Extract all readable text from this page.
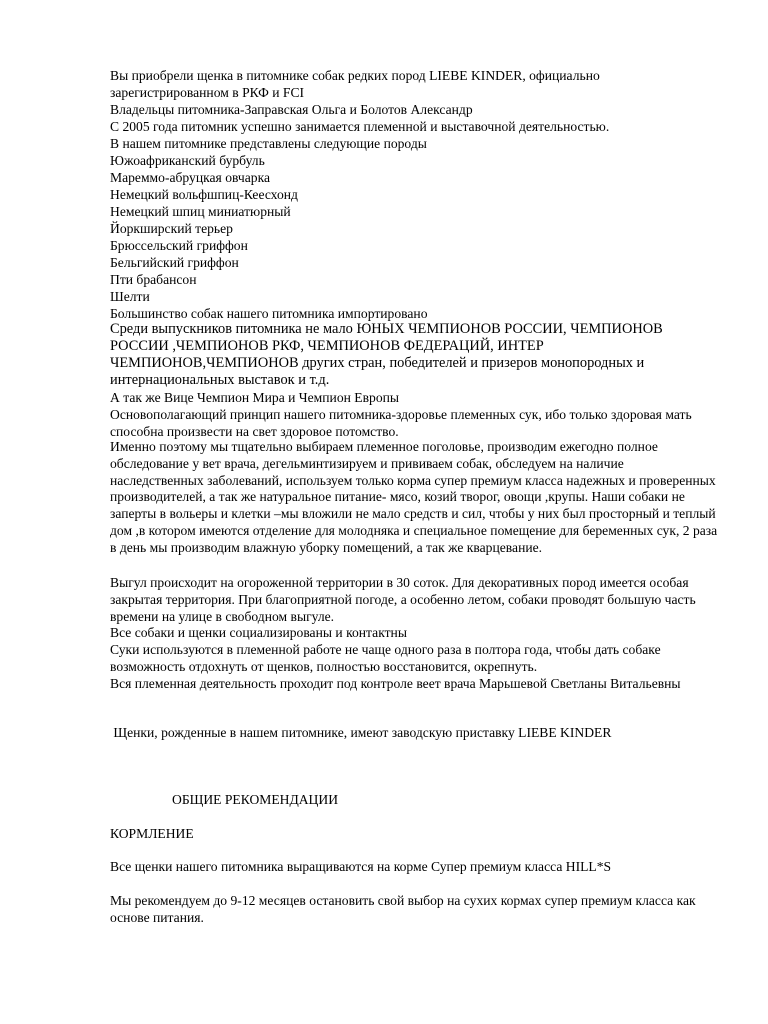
Вы приобрели щенка в питомнике собак редких пород LIEBE KINDER, официально зарегистрированном в РКФ и FCI

Владельцы питомника-Заправская Ольга и Болотов Александр

С 2005 года питомник успешно занимается племенной и выставочной деятельностью.

В нашем питомнике представлены следующие породы

Южоафриканский бурбуль

Мареммо-абруцкая овчарка

Немецкий вольфшпиц-Кеесхонд

Немецкий шпиц миниатюрный

Йоркширский терьер

Брюссельский гриффон

Бельгийский гриффон

Пти брабансон

Шелти

Большинство собак нашего питомника импортировано

Среди выпускников питомника не мало ЮНЫХ ЧЕМПИОНОВ РОССИИ, ЧЕМПИОНОВ РОССИИ ,ЧЕМПИОНОВ РКФ, ЧЕМПИОНОВ ФЕДЕРАЦИЙ, ИНТЕР ЧЕМПИОНОВ,ЧЕМПИОНОВ других стран, победителей и призеров монопородных и интернациональных выставок и т.д.

А так же Вице Чемпион Мира и Чемпион Европы

Основополагающий принцип нашего питомника-здоровье племенных сук, ибо только здоровая мать способна произвести на свет здоровое потомство.

Именно поэтому мы тщательно выбираем племенное поголовье, производим ежегодно полное обследование у вет врача, дегельминтизируем и прививаем собак, обследуем на наличие наследственных заболеваний, используем только корма супер премиум класса надежных и проверенных производителей, а так же натуральное питание- мясо, козий творог, овощи ,крупы. Наши собаки не заперты в вольеры и клетки –мы вложили не мало средств и сил, чтобы у них был просторный и теплый дом ,в котором имеются отделение для молодняка и специальное помещение для беременных сук, 2 раза в день мы производим влажную уборку помещений, а так же кварцевание.

Выгул происходит на огороженной территории в 30 соток. Для декоративных пород имеется особая закрытая территория. При благоприятной погоде, а особенно летом, собаки проводят большую часть времени на улице в свободном выгуле.

Все собаки и щенки социализированы и контактны

Суки используются в племенной работе не чаще одного раза в полтора года, чтобы дать собаке возможность отдохнуть от щенков, полностью восстановится, окрепнуть.

Вся племенная деятельность проходит под контроле веет врача Марьшевой Светланы Витальевны

Щенки, рожденные в нашем питомнике, имеют заводскую приставку LIEBE KINDER

ОБЩИЕ РЕКОМЕНДАЦИИ

КОРМЛЕНИЕ

Все щенки нашего питомника выращиваются на корме Супер премиум класса HILL*S

Мы рекомендуем до 9-12 месяцев остановить свой выбор на сухих кормах супер премиум класса как основе питания.
